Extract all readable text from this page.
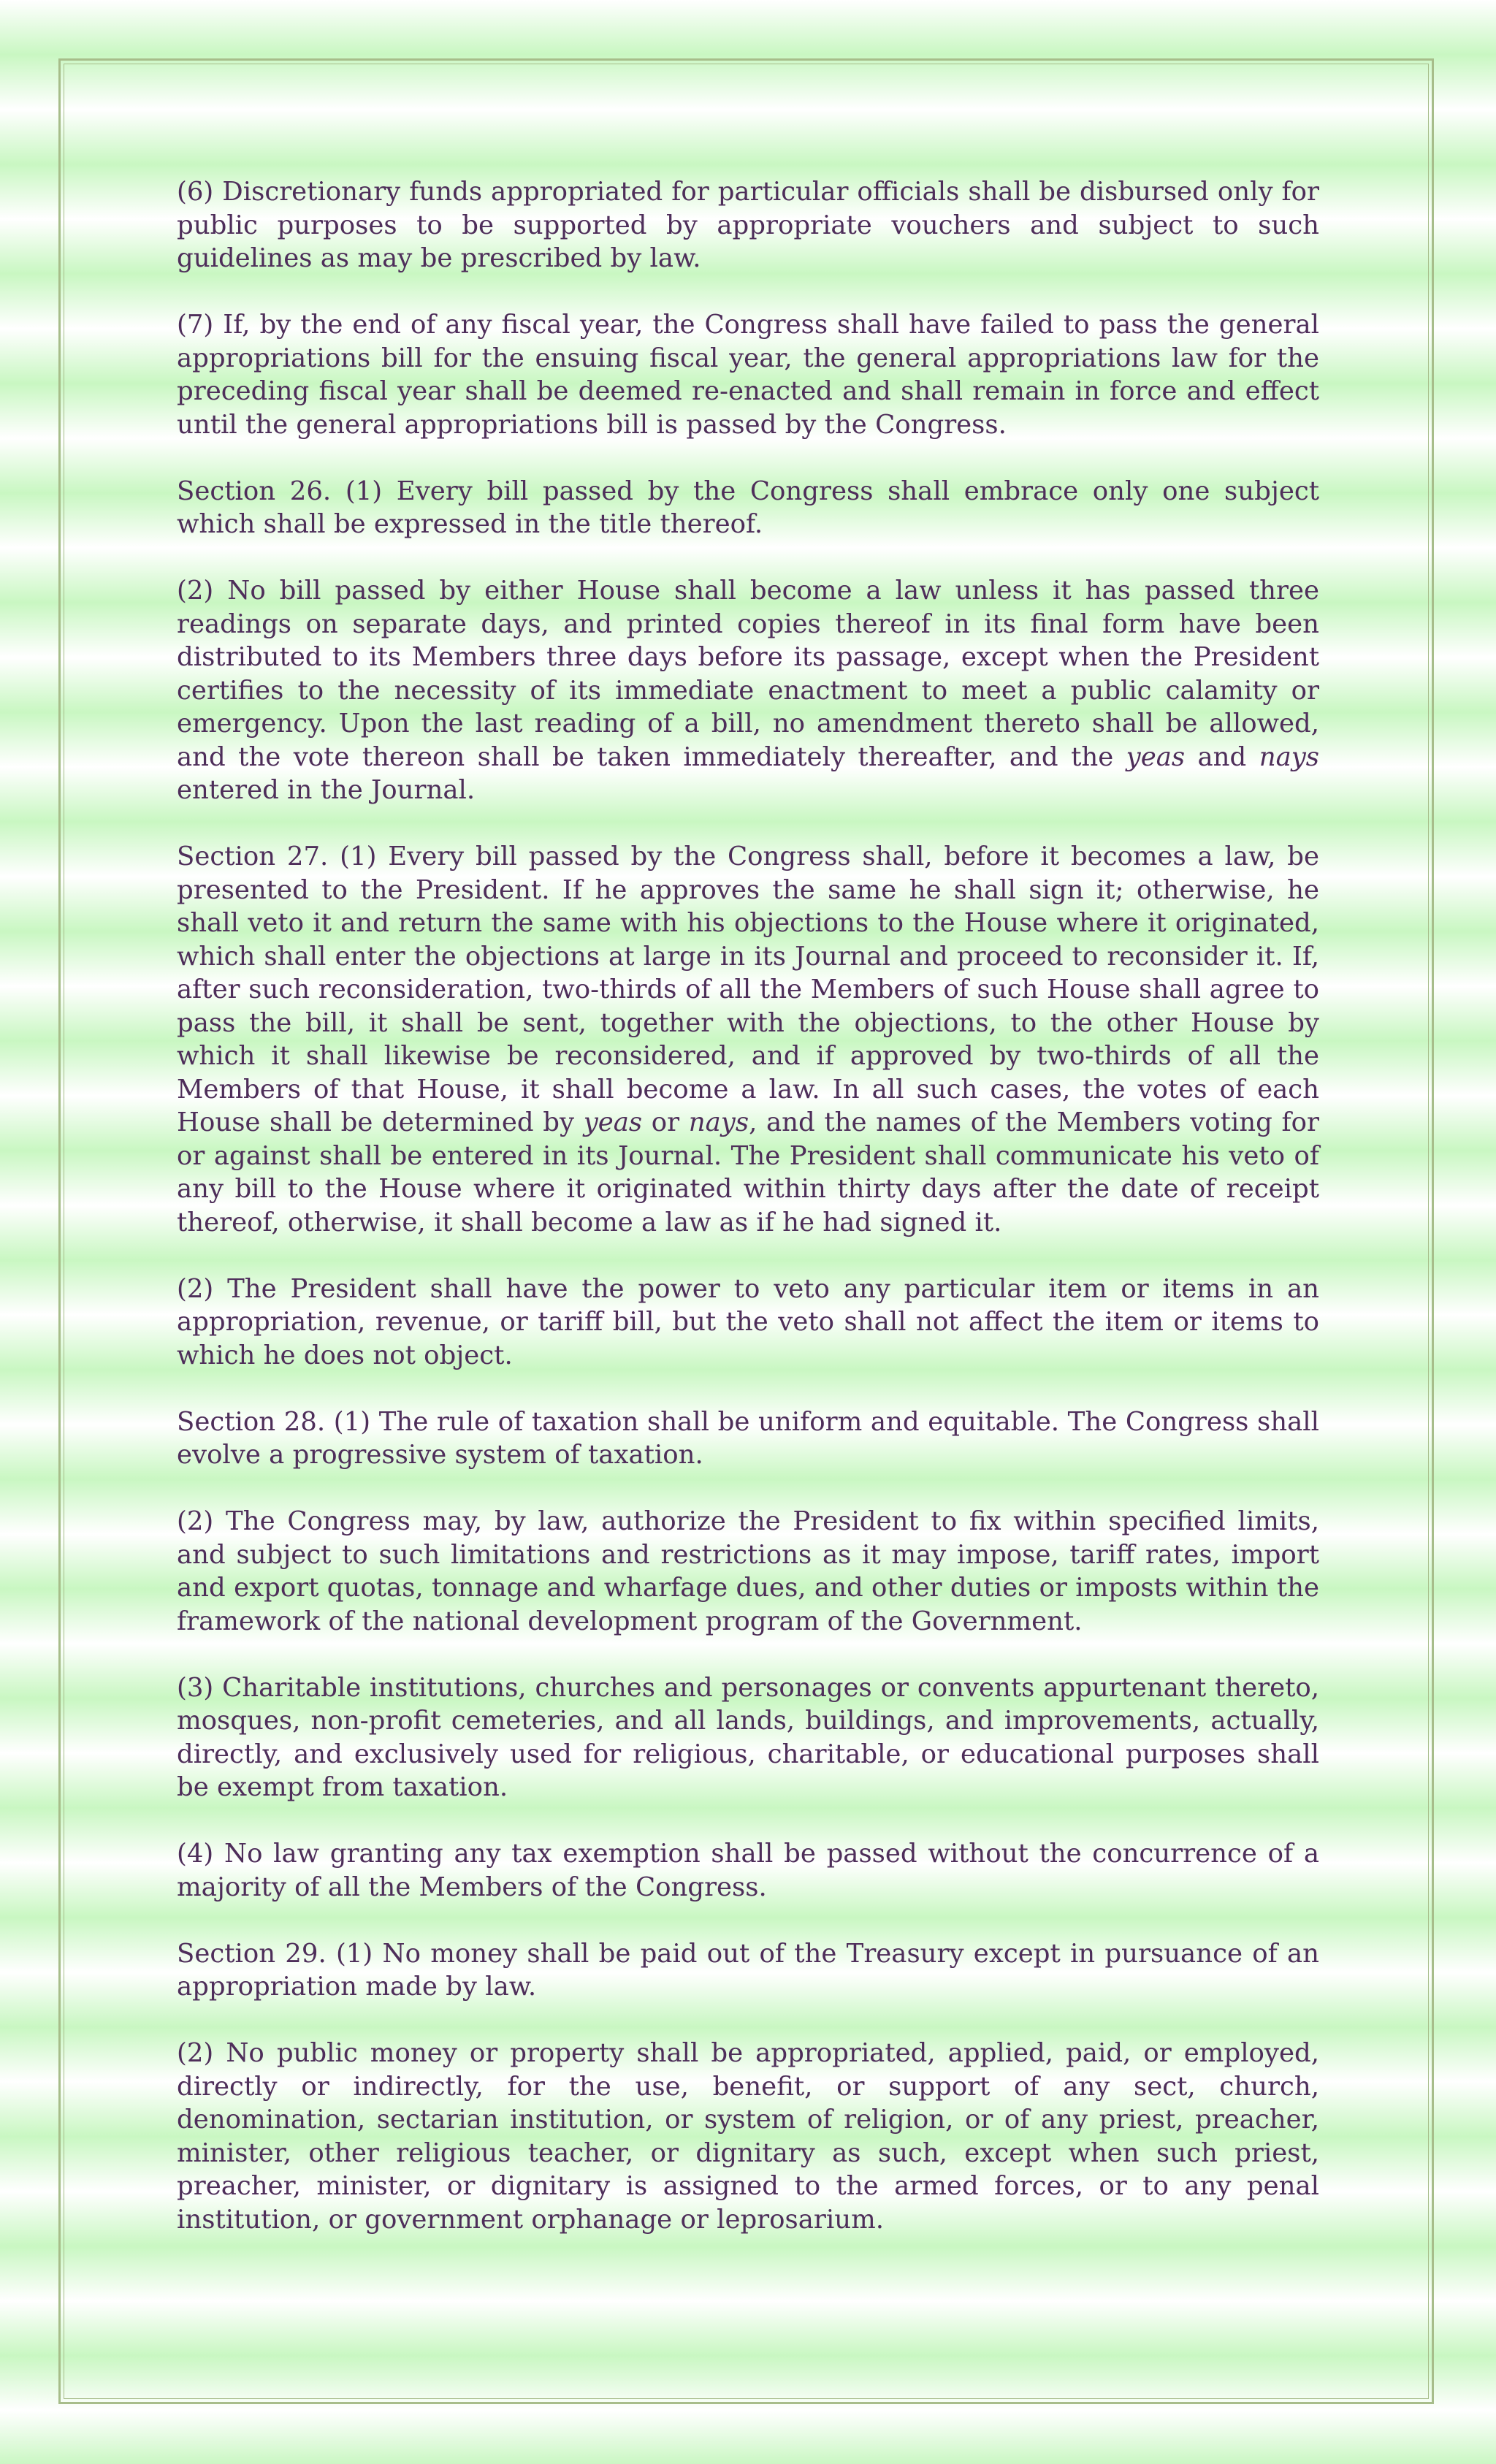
(6) Discretionary funds appropriated for particular officials shall be disbursed only for public purposes to be supported by appropriate vouchers and subject to such guidelines as may be prescribed by law.

(7) If, by the end of any fiscal year, the Congress shall have failed to pass the general appropriations bill for the ensuing fiscal year, the general appropriations law for the preceding fiscal year shall be deemed re-enacted and shall remain in force and effect until the general appropriations bill is passed by the Congress.

Section 26. (1) Every bill passed by the Congress shall embrace only one subject which shall be expressed in the title thereof.

(2) No bill passed by either House shall become a law unless it has passed three readings on separate days, and printed copies thereof in its final form have been distributed to its Members three days before its passage, except when the President certifies to the necessity of its immediate enactment to meet a public calamity or emergency. Upon the last reading of a bill, no amendment thereto shall be allowed, and the vote thereon shall be taken immediately thereafter, and the yeas and nays entered in the Journal.

Section 27. (1) Every bill passed by the Congress shall, before it becomes a law, be presented to the President. If he approves the same he shall sign it; otherwise, he shall veto it and return the same with his objections to the House where it originated, which shall enter the objections at large in its Journal and proceed to reconsider it. If, after such reconsideration, two-thirds of all the Members of such House shall agree to pass the bill, it shall be sent, together with the objections, to the other House by which it shall likewise be reconsidered, and if approved by two-thirds of all the Members of that House, it shall become a law. In all such cases, the votes of each House shall be determined by yeas or nays, and the names of the Members voting for or against shall be entered in its Journal. The President shall communicate his veto of any bill to the House where it originated within thirty days after the date of receipt thereof, otherwise, it shall become a law as if he had signed it.

(2) The President shall have the power to veto any particular item or items in an appropriation, revenue, or tariff bill, but the veto shall not affect the item or items to which he does not object.

Section 28. (1) The rule of taxation shall be uniform and equitable. The Congress shall evolve a progressive system of taxation.

(2) The Congress may, by law, authorize the President to fix within specified limits, and subject to such limitations and restrictions as it may impose, tariff rates, import and export quotas, tonnage and wharfage dues, and other duties or imposts within the framework of the national development program of the Government.

(3) Charitable institutions, churches and personages or convents appurtenant thereto, mosques, non-profit cemeteries, and all lands, buildings, and improvements, actually, directly, and exclusively used for religious, charitable, or educational purposes shall be exempt from taxation.

(4) No law granting any tax exemption shall be passed without the concurrence of a majority of all the Members of the Congress.

Section 29. (1) No money shall be paid out of the Treasury except in pursuance of an appropriation made by law.

(2) No public money or property shall be appropriated, applied, paid, or employed, directly or indirectly, for the use, benefit, or support of any sect, church, denomination, sectarian institution, or system of religion, or of any priest, preacher, minister, other religious teacher, or dignitary as such, except when such priest, preacher, minister, or dignitary is assigned to the armed forces, or to any penal institution, or government orphanage or leprosarium.
